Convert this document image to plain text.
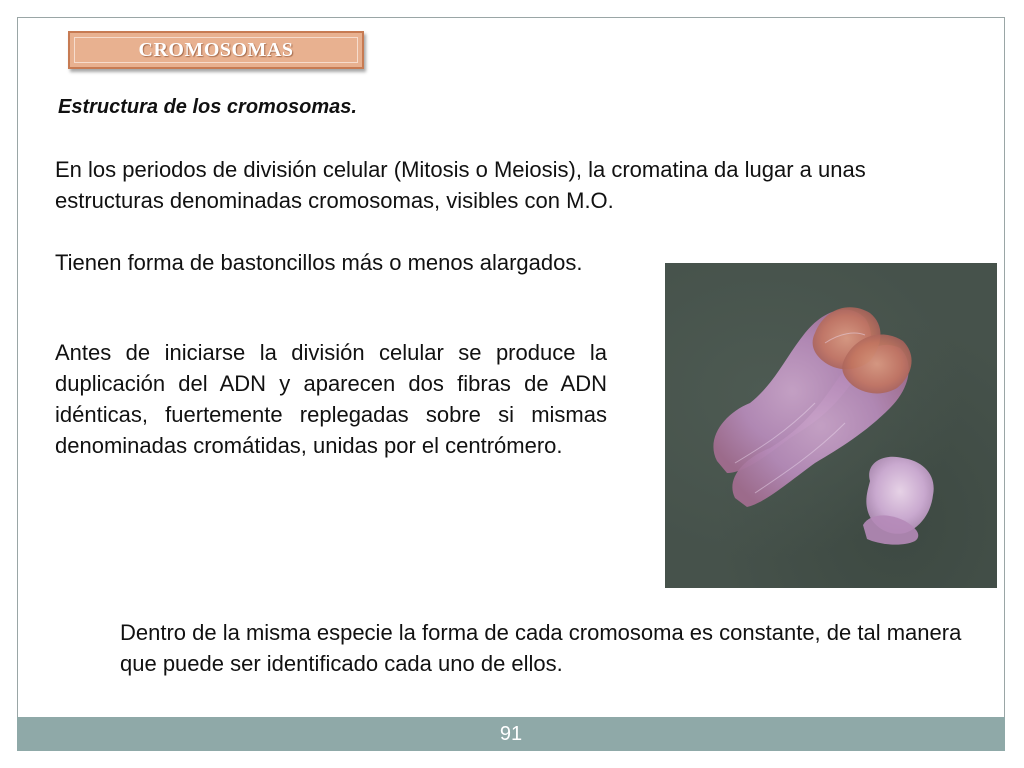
CROMOSOMAS

Estructura de los cromosomas.

En los periodos de división celular (Mitosis o Meiosis), la cromatina da lugar a unas estructuras denominadas cromosomas, visibles con M.O.

Tienen forma de bastoncillos más o menos alargados.

Antes de iniciarse la división celular se produce la duplicación del ADN y aparecen dos fibras de ADN idénticas, fuertemente replegadas sobre si mismas denominadas cromátidas, unidas por el centrómero.

Dentro de la misma especie la forma de cada cromosoma es constante, de tal manera que puede ser identificado cada uno de ellos.

91
